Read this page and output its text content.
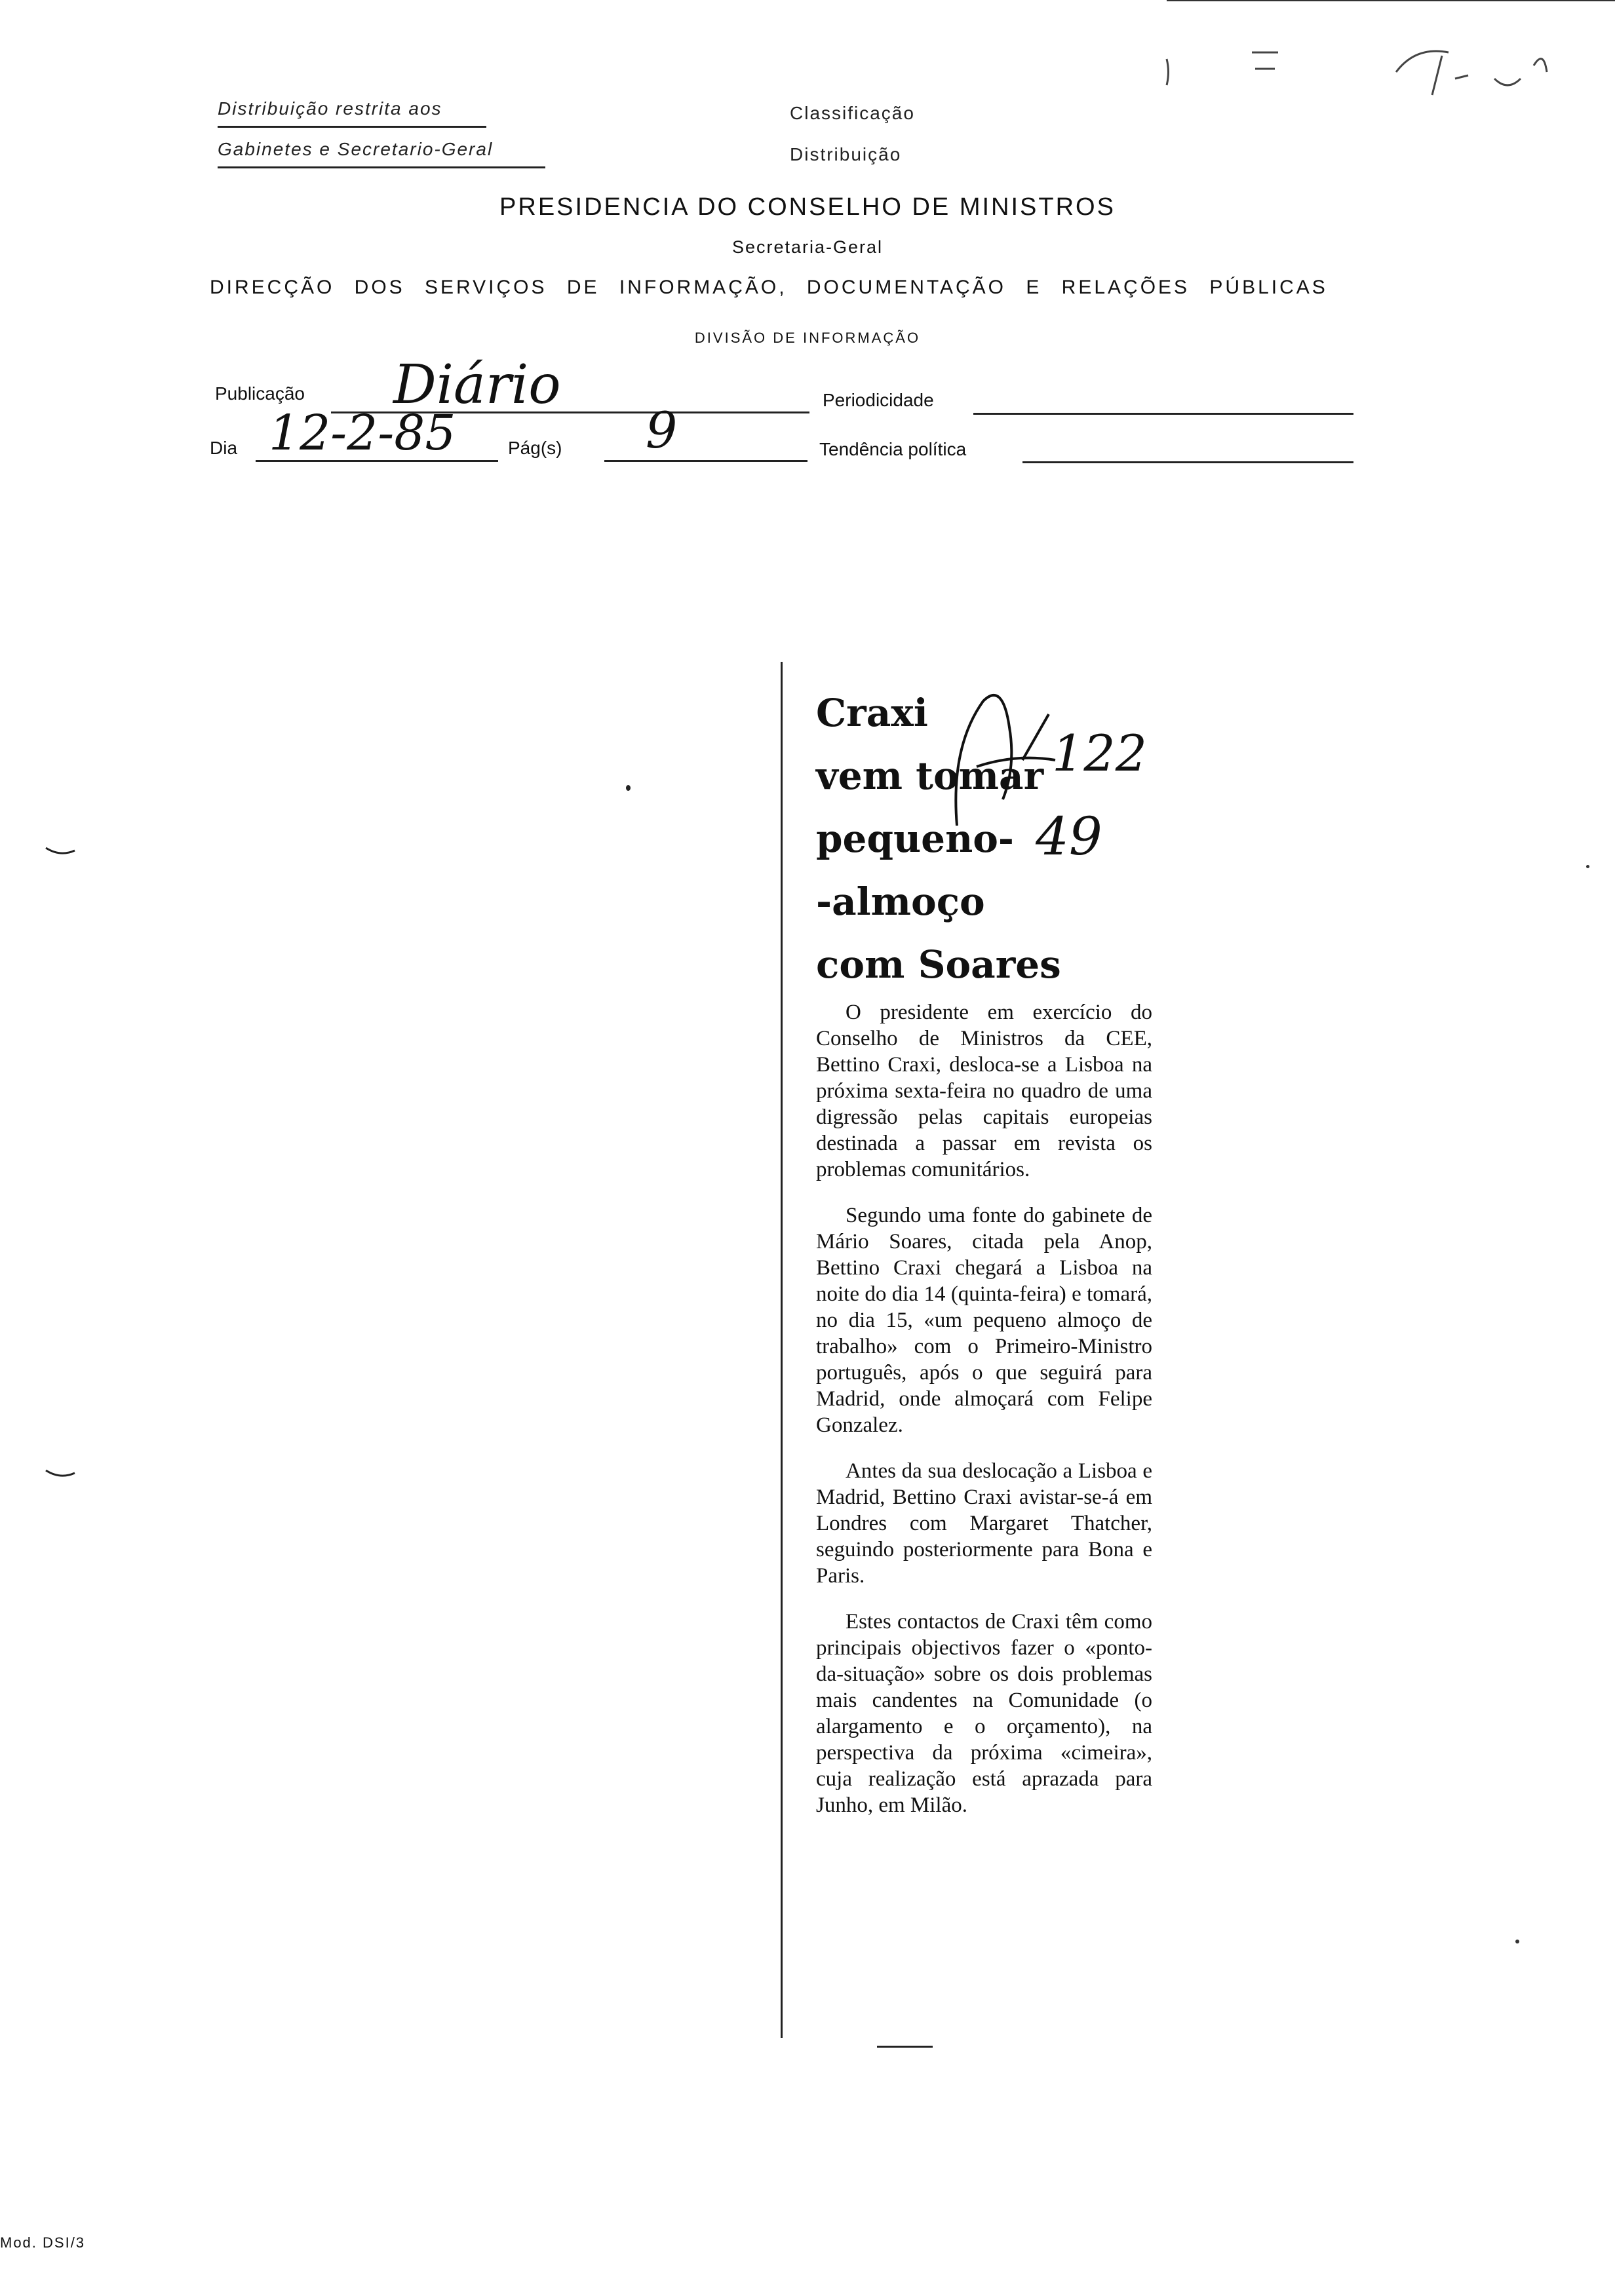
Distribuição restrita aos
Gabinetes e Secretario-Geral
Classificação
Distribuição
PRESIDENCIA DO CONSELHO DE MINISTROS
Secretaria-Geral
DIRECÇÃO DOS SERVIÇOS DE INFORMAÇÃO, DOCUMENTAÇÃO E RELAÇÕES PÚBLICAS
DIVISÃO DE INFORMAÇÃO
Publicação Diário	Periodicidade
Dia 12-2-85	Pág(s) 9	Tendência política
Craxi
vem tomar
pequeno-
-almoço
com Soares
122
49

O presidente em exercício do Conselho de Ministros da CEE, Bettino Craxi, desloca-se a Lisboa na próxima sexta-feira no quadro de uma digressão pelas capitais europeias destinada a passar em revista os problemas comunitários.

Segundo uma fonte do gabinete de Mário Soares, citada pela Anop, Bettino Craxi chegará a Lisboa na noite do dia 14 (quinta-feira) e tomará, no dia 15, «um pequeno almoço de trabalho» com o Primeiro-Ministro português, após o que seguirá para Madrid, onde almoçará com Felipe Gonzalez.

Antes da sua deslocação a Lisboa e Madrid, Bettino Craxi avistar-se-á em Londres com Margaret Thatcher, seguindo posteriormente para Bona e Paris.

Estes contactos de Craxi têm como principais objectivos fazer o «ponto-da-situação» sobre os dois problemas mais candentes na Comunidade (o alargamento e o orçamento), na perspectiva da próxima «cimeira», cuja realização está aprazada para Junho, em Milão.

Mod. DSI/3
